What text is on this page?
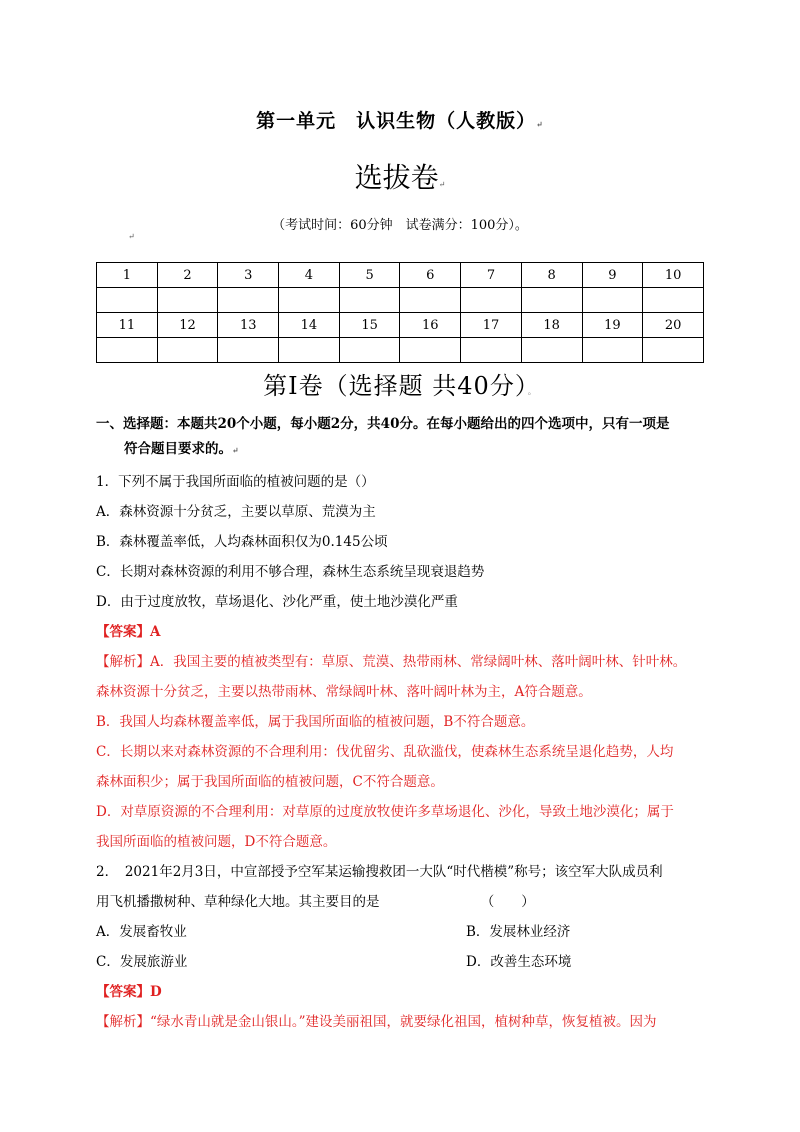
第一单元　认识生物（人教版）↵
选拔卷↵
（考试时间：60分钟　试卷满分：100分）。
↵
1	2	3	4	5	6	7	8	9	10

11	12	13	14	15	16	17	18	19	20

第Ⅰ卷（选择题 共40分）。
一、选择题：本题共20个小题，每小题2分，共40分。在每小题给出的四个选项中，只有一项是
符合题目要求的。↵
1．下列不属于我国所面临的植被问题的是（）
A．森林资源十分贫乏，主要以草原、荒漠为主
B．森林覆盖率低，人均森林面积仅为0.145公顷
C．长期对森林资源的利用不够合理，森林生态系统呈现衰退趋势
D．由于过度放牧，草场退化、沙化严重，使土地沙漠化严重
【答案】A
【解析】A．我国主要的植被类型有：草原、荒漠、热带雨林、常绿阔叶林、落叶阔叶林、针叶林。
森林资源十分贫乏，主要以热带雨林、常绿阔叶林、落叶阔叶林为主，A符合题意。
B．我国人均森林覆盖率低，属于我国所面临的植被问题，B不符合题意。
C．长期以来对森林资源的不合理利用：伐优留劣、乱砍滥伐，使森林生态系统呈退化趋势，人均
森林面积少；属于我国所面临的植被问题，C不符合题意。
D．对草原资源的不合理利用：对草原的过度放牧使许多草场退化、沙化，导致土地沙漠化；属于
我国所面临的植被问题，D不符合题意。
2．　2021年2月3日，中宣部授予空军某运输搜救团一大队“时代楷模”称号；该空军大队成员利
用飞机播撒树种、草种绿化大地。其主要目的是　　　　　　　　（　　）
A．发展畜牧业	B．发展林业经济
C．发展旅游业	D．改善生态环境
【答案】D
【解析】“绿水青山就是金山银山。”建设美丽祖国，就要绿化祖国，植树种草，恢复植被。因为
